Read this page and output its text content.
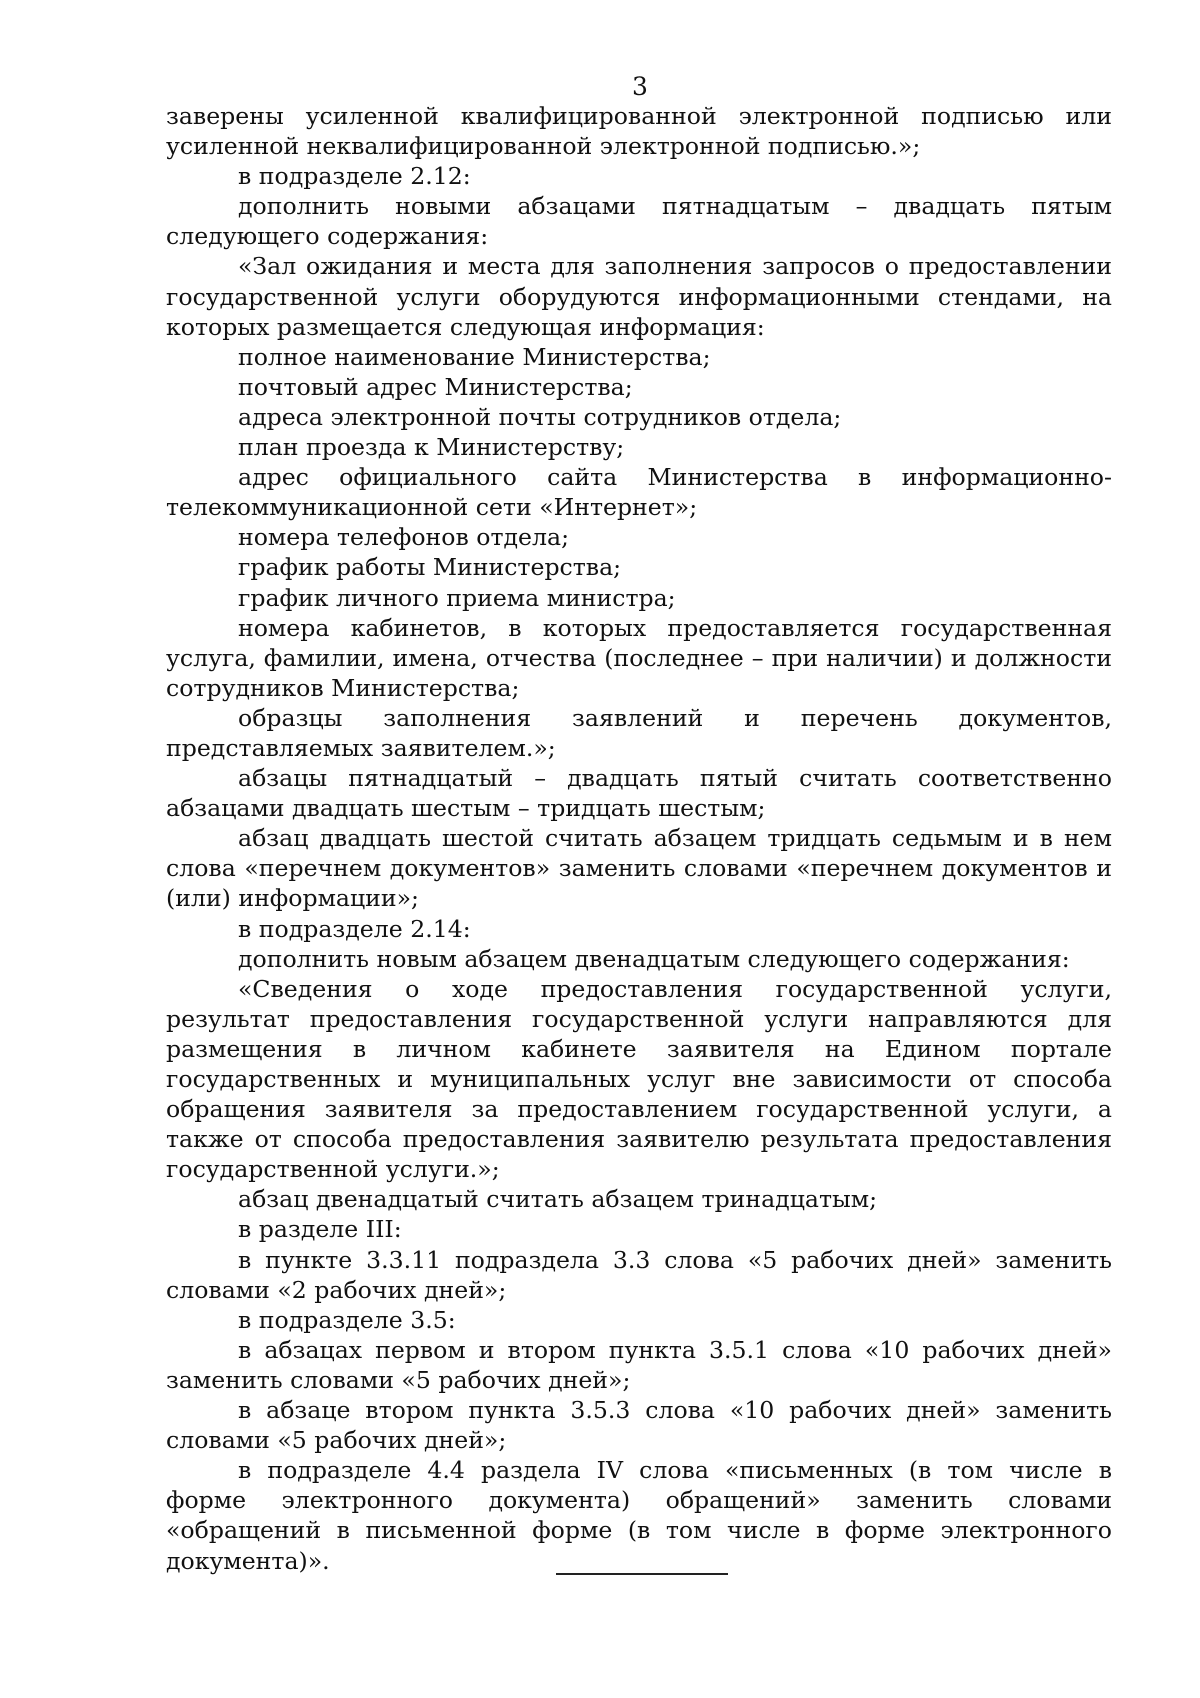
3

заверены усиленной квалифицированной электронной подписью или усиленной неквалифицированной электронной подписью.»;

в подразделе 2.12:

дополнить новыми абзацами пятнадцатым – двадцать пятым следующего содержания:

«Зал ожидания и места для заполнения запросов о предоставлении государственной услуги оборудуются информационными стендами, на которых размещается следующая информация:

полное наименование Министерства;

почтовый адрес Министерства;

адреса электронной почты сотрудников отдела;

план проезда к Министерству;

адрес официального сайта Министерства в информационно-телекоммуникационной сети «Интернет»;

номера телефонов отдела;

график работы Министерства;

график личного приема министра;

номера кабинетов, в которых предоставляется государственная услуга, фамилии, имена, отчества (последнее – при наличии) и должности сотрудников Министерства;

образцы заполнения заявлений и перечень документов, представляемых заявителем.»;

абзацы пятнадцатый – двадцать пятый считать соответственно абзацами двадцать шестым – тридцать шестым;

абзац двадцать шестой считать абзацем тридцать седьмым и в нем слова «перечнем документов» заменить словами «перечнем документов и (или) информации»;

в подразделе 2.14:

дополнить новым абзацем двенадцатым следующего содержания:

«Сведения о ходе предоставления государственной услуги, результат предоставления государственной услуги направляются для размещения в личном кабинете заявителя на Едином портале государственных и муниципальных услуг вне зависимости от способа обращения заявителя за предоставлением государственной услуги, а также от способа предоставления заявителю результата предоставления государственной услуги.»;

абзац двенадцатый считать абзацем тринадцатым;

в разделе III:

в пункте 3.3.11 подраздела 3.3 слова «5 рабочих дней» заменить словами «2 рабочих дней»;

в подразделе 3.5:

в абзацах первом и втором пункта 3.5.1 слова «10 рабочих дней» заменить словами «5 рабочих дней»;

в абзаце втором пункта 3.5.3 слова «10 рабочих дней» заменить словами «5 рабочих дней»;

в подразделе 4.4 раздела IV слова «письменных (в том числе в форме электронного документа) обращений» заменить словами «обращений в письменной форме (в том числе в форме электронного документа)».
